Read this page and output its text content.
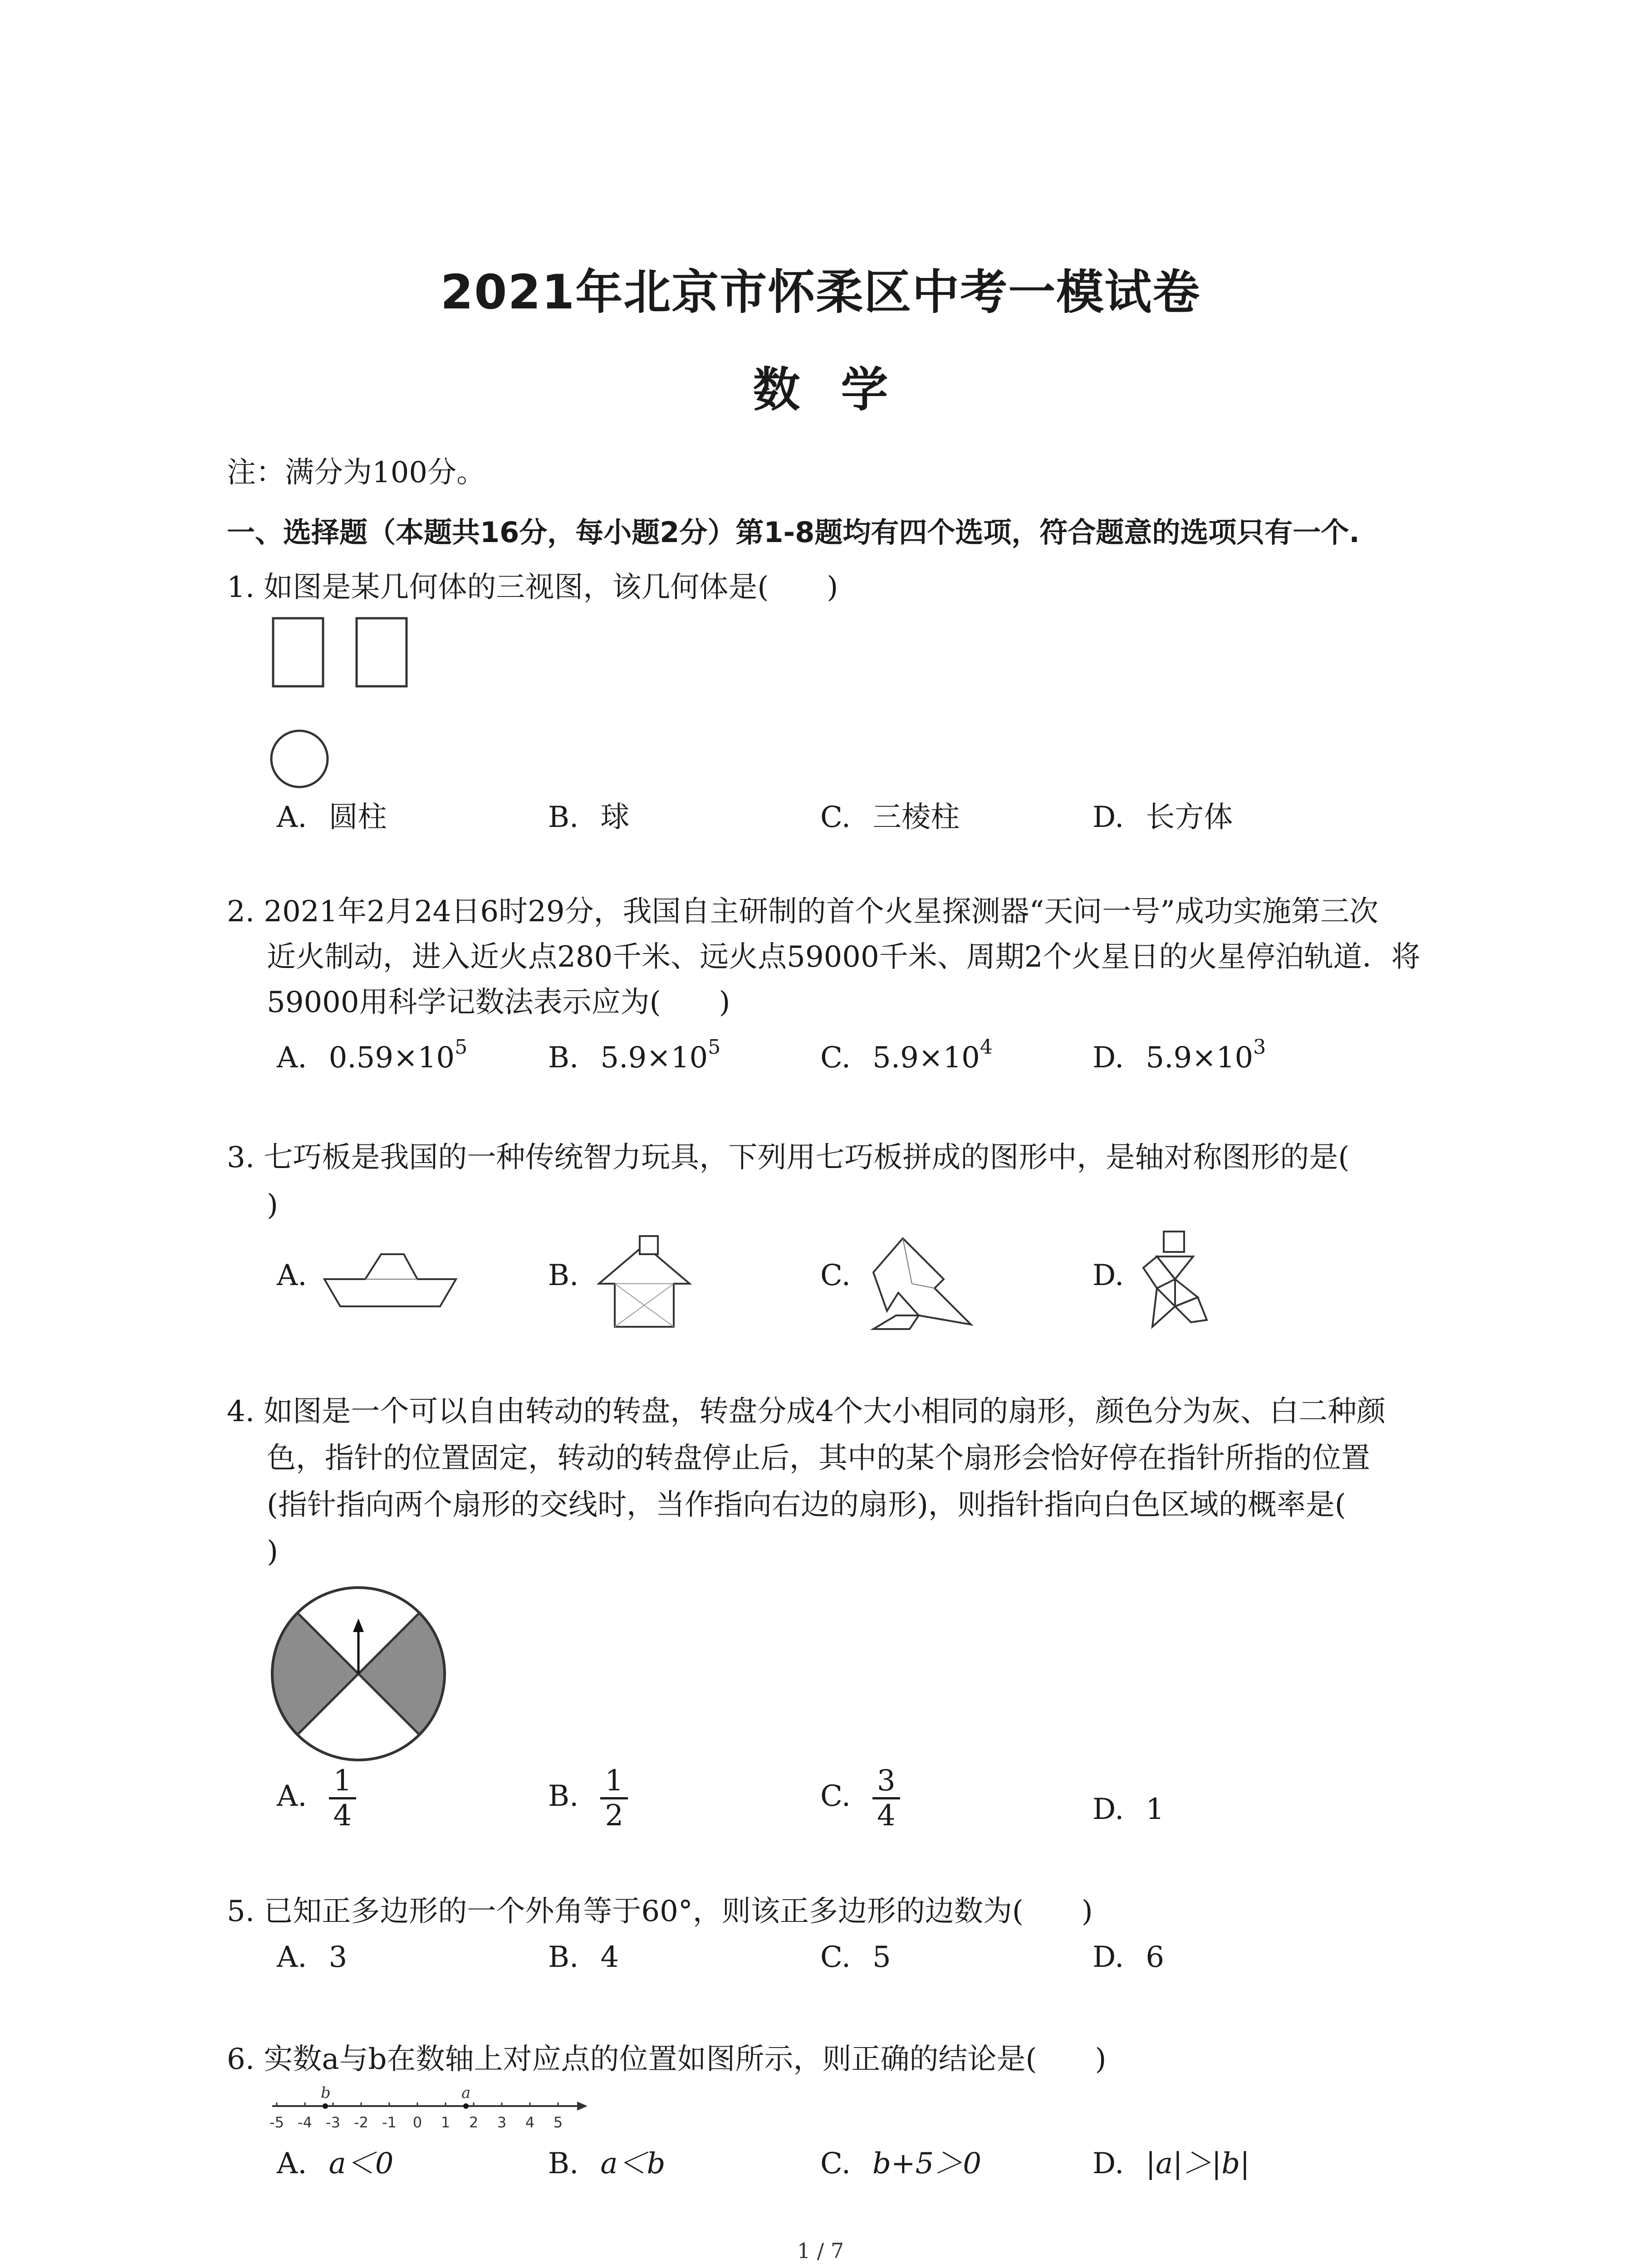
2021年北京市怀柔区中考一模试卷
数学
注：满分为100分。
一、选择题（本题共16分，每小题2分）第1-8题均有四个选项，符合题意的选项只有一个.
1. 如图是某几何体的三视图，该几何体是(　　)
A. 圆柱	B. 球	C. 三棱柱	D. 长方体
2. 2021年2月24日6时29分，我国自主研制的首个火星探测器“天问一号”成功实施第三次
近火制动，进入近火点280千米、远火点59000千米、周期2个火星日的火星停泊轨道．将
59000用科学记数法表示应为(　　)
A. $0.59\times 10^5$	B. $5.9\times 10^5$	C. $5.9\times 10^4$	D. $5.9\times 10^3$
3. 七巧板是我国的一种传统智力玩具，下列用七巧板拼成的图形中，是轴对称图形的是(
)
A.	B.	C.	D.
4. 如图是一个可以自由转动的转盘，转盘分成4个大小相同的扇形，颜色分为灰、白二种颜
色，指针的位置固定，转动的转盘停止后，其中的某个扇形会恰好停在指针所指的位置
(指针指向两个扇形的交线时，当作指向右边的扇形)，则指针指向白色区域的概率是(
)
A. $\frac{1}{4}$	B. $\frac{1}{2}$	C. $\frac{3}{4}$	D. 1
5. 已知正多边形的一个外角等于60°，则该正多边形的边数为(　　)
A. 3	B. 4	C. 5	D. 6
6. 实数a与b在数轴上对应点的位置如图所示，则正确的结论是(　　)
-5 -4 -3 -2 -1 0 1 2 3 4 5
b	a
A. a＜0	B. a＜b	C. b+5＞0	D. |a|＞|b|
1 / 7
